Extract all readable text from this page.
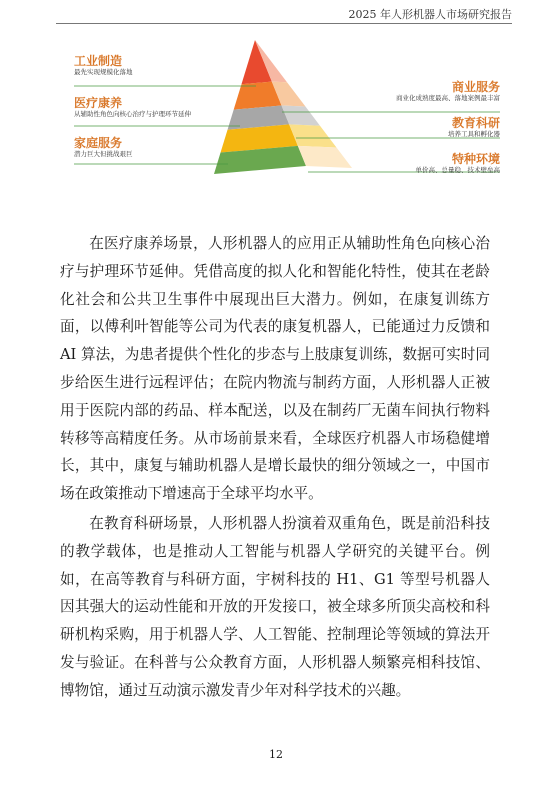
2025 年人形机器人市场研究报告
工业制造
最先实现规模化落地
医疗康养
从辅助性角色向核心治疗与护理环节延伸
家庭服务
潜力巨大但挑战艰巨
商业服务
商业化成熟度最高、落地案例最丰富
教育科研
培养工具和孵化器
特种环境
单价高、总量稳、技术壁垒高

在医疗康养场景，人形机器人的应用正从辅助性角色向核心治疗与护理环节延伸。凭借高度的拟人化和智能化特性，使其在老龄化社会和公共卫生事件中展现出巨大潜力。例如，在康复训练方面，以傅利叶智能等公司为代表的康复机器人，已能通过力反馈和 AI 算法，为患者提供个性化的步态与上肢康复训练，数据可实时同步给医生进行远程评估；在院内物流与制药方面，人形机器人正被用于医院内部的药品、样本配送，以及在制药厂无菌车间执行物料转移等高精度任务。从市场前景来看，全球医疗机器人市场稳健增长，其中，康复与辅助机器人是增长最快的细分领域之一，中国市场在政策推动下增速高于全球平均水平。

在教育科研场景，人形机器人扮演着双重角色，既是前沿科技的教学载体，也是推动人工智能与机器人学研究的关键平台。例如，在高等教育与科研方面，宇树科技的 H1、G1 等型号机器人因其强大的运动性能和开放的开发接口，被全球多所顶尖高校和科研机构采购，用于机器人学、人工智能、控制理论等领域的算法开发与验证。在科普与公众教育方面，人形机器人频繁亮相科技馆、博物馆，通过互动演示激发青少年对科学技术的兴趣。

12
